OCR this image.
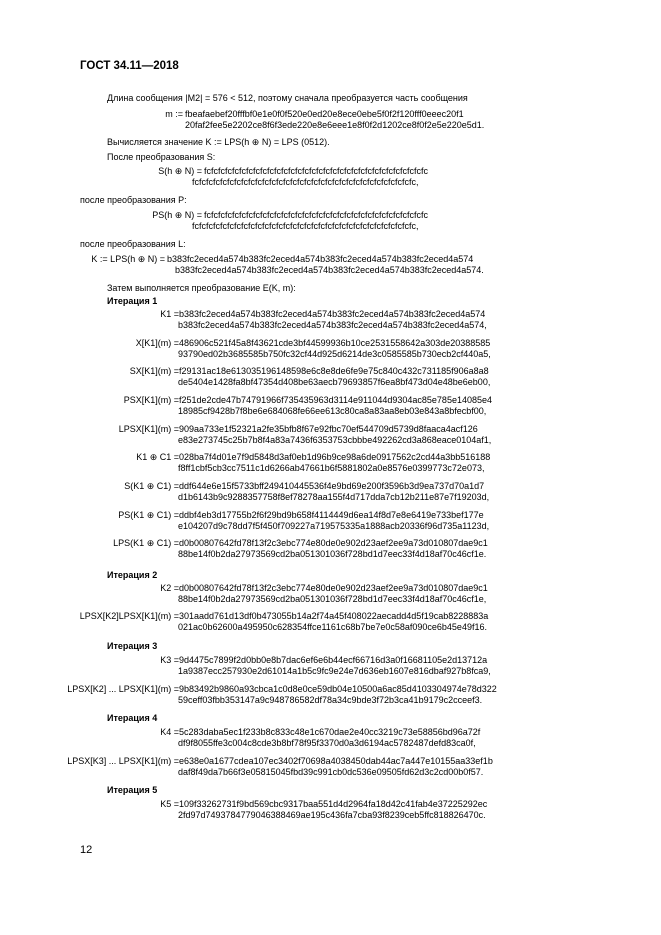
ГОСТ 34.11—2018
Длина сообщения |M2| = 576 < 512, поэтому сначала преобразуется часть сообщения
m := fbeafaebef20fffbf0e1e0f0f520e0ed20e8ece0ebe5f0f2f120fff0eeec20f1
20faf2fee5e2202ce8f6f3ede220e8e6eee1e8f0f2d1202ce8f0f2e5e220e5d1.
Вычисляется значение K := LPS(h ⊕ N) = LPS (0512).
После преобразования S:
S(h ⊕ N) = fcfcfcfcfcfcfcfcfcfcfcfcfcfcfcfcfcfcfcfcfcfcfcfcfcfcfcfcfcfcfcfc
fcfcfcfcfcfcfcfcfcfcfcfcfcfcfcfcfcfcfcfcfcfcfcfcfcfcfcfcfcfcfcfc,
после преобразования P:
PS(h ⊕ N) = fcfcfcfcfcfcfcfcfcfcfcfcfcfcfcfcfcfcfcfcfcfcfcfcfcfcfcfcfcfcfcfc
fcfcfcfcfcfcfcfcfcfcfcfcfcfcfcfcfcfcfcfcfcfcfcfcfcfcfcfcfcfcfcfc,
после преобразования L:
K := LPS(h ⊕ N) = b383fc2eced4a574b383fc2eced4a574b383fc2eced4a574b383fc2eced4a574
b383fc2eced4a574b383fc2eced4a574b383fc2eced4a574b383fc2eced4a574.
Затем выполняется преобразование E(K, m):
Итерация 1
K1 = b383fc2eced4a574b383fc2eced4a574b383fc2eced4a574b383fc2eced4a574
b383fc2eced4a574b383fc2eced4a574b383fc2eced4a574b383fc2eced4a574,
X[K1](m) = 486906c521f45a8f43621cde3bf44599936b10ce2531558642a303de20388585
93790ed02b3685585b750fc32cf44d925d6214de3c0585585b730ecb2cf440a5,
SX[K1](m) = f29131ac18e613035196148598e6c8e8de6fe9e75c840c432c731185f906a8a8
de5404e1428fa8bf47354d408be63aecb79693857f6ea8bf473d04e48be6eb00,
PSX[K1](m) = f251de2cde47b74791966f735435963d3114e911044d9304ac85e785e14085e4
18985cf9428b7f8be6e684068fe66ee613c80ca8a83aa8eb03e843a8bfecbf00,
LPSX[K1](m) = 909aa733e1f52321a2fe35bfb8f67e92fbc70ef544709d5739d8faaca4acf126
e83e273745c25b7b8f4a83a7436f6353753cbbbe492262cd3a868eace0104af1,
K1 ⊕ C1 = 028ba7f4d01e7f9d5848d3af0eb1d96b9ce98a6de0917562c2cd44a3bb516188
f8ff1cbf5cb3cc7511c1d6266ab47661b6f5881802a0e8576e0399773c72e073,
S(K1 ⊕ C1) = ddf644e6e15f5733bff249410445536f4e9bd69e200f3596b3d9ea737d70a1d7
d1b6143b9c9288357758f8ef78278aa155f4d717dda7cb12b211e87e7f19203d,
PS(K1 ⊕ C1) = ddbf4eb3d17755b2f6f29bd9b658f4114449d6ea14f8d7e8e6419e733bef177e
e104207d9c78dd7f5f450f709227a719575335a1888acb20336f96d735a1123d,
LPS(K1 ⊕ C1) = d0b00807642fd78f13f2c3ebc774e80de0e902d23aef2ee9a73d010807dae9c1
88be14f0b2da27973569cd2ba051301036f728bd1d7eec33f4d18af70c46cf1e.
Итерация 2
K2 = d0b00807642fd78f13f2c3ebc774e80de0e902d23aef2ee9a73d010807dae9c1
88be14f0b2da27973569cd2ba051301036f728bd1d7eec33f4d18af70c46cf1e,
LPSX[K2]LPSX[K1](m) = 301aadd761d13df0b473055b14a2f74a45f408022aecadd4d5f19cab8228883a
021ac0b62600a495950c628354ffce1161c68b7be7e0c58af090ce6b45e49f16.
Итерация 3
K3 = 9d4475c7899f2d0bb0e8b7dac6ef6e6b44ecf66716d3a0f16681105e2d13712a
1a9387ecc257930e2d61014a1b5c9fc9e24e7d636eb1607e816dbaf927b8fca9,
LPSX[K2] ... LPSX[K1](m) = 9b83492b9860a93cbca1c0d8e0ce59db04e10500a6ac85d4103304974e78d322
59ceff03fbb353147a9c948786582df78a34c9bde3f72b3ca41b9179c2cceef3.
Итерация 4
K4 = 5c283daba5ec1f233b8c833c48e1c670dae2e40cc3219c73e58856bd96a72f
df9f8055ffe3c004c8cde3b8bf78f95f3370d0a3d6194ac5782487defd83ca0f,
LPSX[K3] ... LPSX[K1](m) = e638e0a1677cdea107ec3402f70698a4038450dab44ac7a447e10155aa33ef1b
daf8f49da7b66f3e05815045fbd39c991cb0dc536e09505fd62d3c2cd00b0f57.
Итерация 5
K5 = 109f33262731f9bd569cbc9317baa551d4d2964fa18d42c41fab4e37225292ec
2fd97d7493784779046388469ae195c436fa7cba93f8239ceb5ffc818826470c.
12
